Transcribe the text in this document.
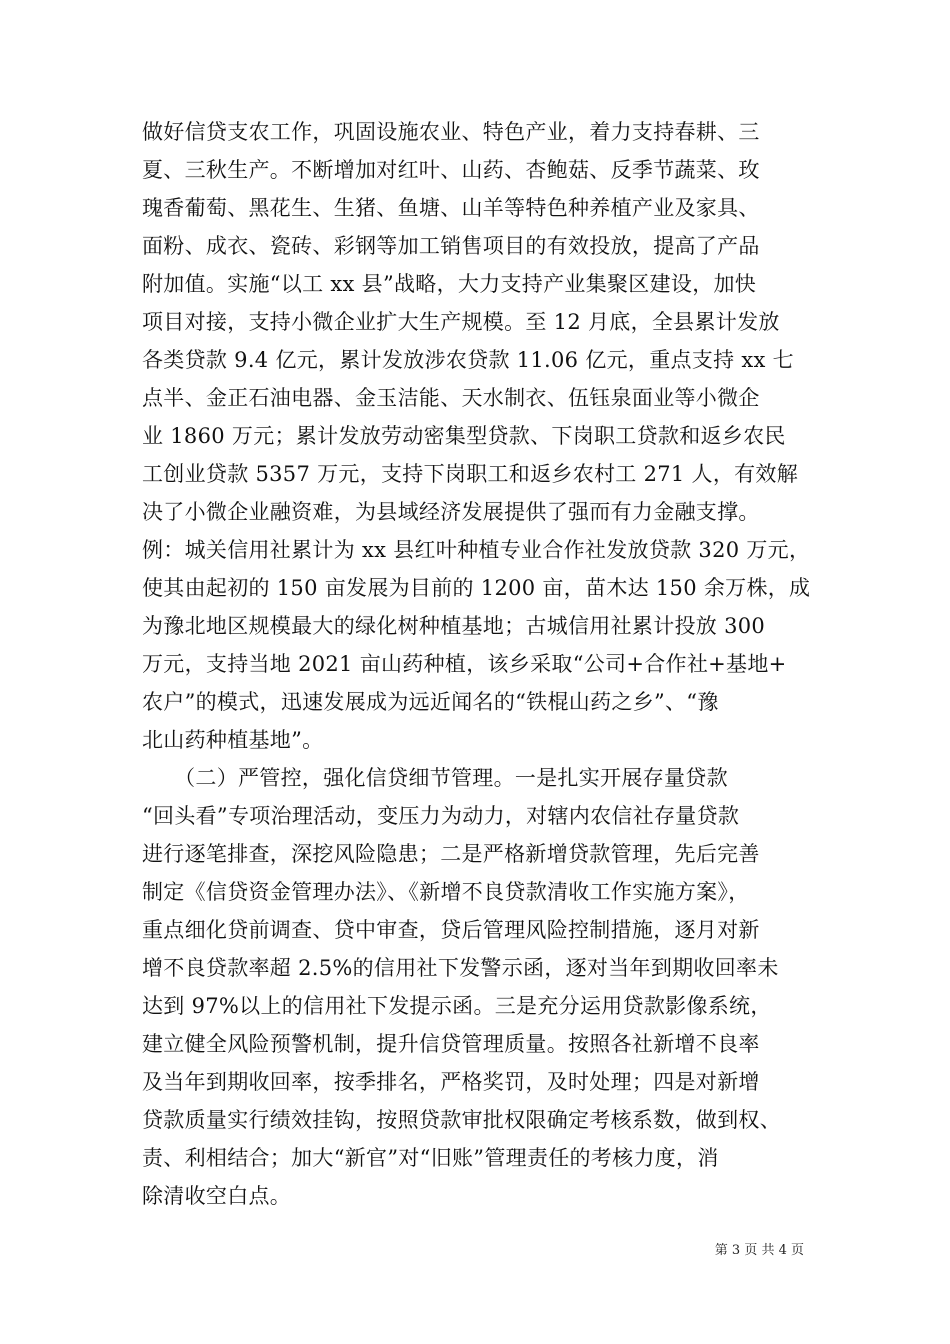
做好信贷支农工作，巩固设施农业、特色产业，着力支持春耕、三
夏、三秋生产。不断增加对红叶、山药、杏鲍菇、反季节蔬菜、玫
瑰香葡萄、黑花生、生猪、鱼塘、山羊等特色种养植产业及家具、
面粉、成衣、瓷砖、彩钢等加工销售项目的有效投放，提高了产品
附加值。实施“以工 xx 县”战略，大力支持产业集聚区建设，加快
项目对接，支持小微企业扩大生产规模。至 12 月底，全县累计发放
各类贷款 9.4 亿元，累计发放涉农贷款 11.06 亿元，重点支持 xx 七
点半、金正石油电器、金玉洁能、天水制衣、伍钰泉面业等小微企
业 1860 万元；累计发放劳动密集型贷款、下岗职工贷款和返乡农民
工创业贷款 5357 万元，支持下岗职工和返乡农村工 271 人，有效解
决了小微企业融资难，为县域经济发展提供了强而有力金融支撑。
例：城关信用社累计为 xx 县红叶种植专业合作社发放贷款 320 万元，
使其由起初的 150 亩发展为目前的 1200 亩，苗木达 150 余万株，成
为豫北地区规模最大的绿化树种植基地；古城信用社累计投放 300
万元，支持当地 2021 亩山药种植，该乡采取“公司+合作社+基地+
农户”的模式，迅速发展成为远近闻名的“铁棍山药之乡”、“豫
北山药种植基地”。
　　（二）严管控，强化信贷细节管理。一是扎实开展存量贷款
“回头看”专项治理活动，变压力为动力，对辖内农信社存量贷款
进行逐笔排查，深挖风险隐患；二是严格新增贷款管理，先后完善
制定《信贷资金管理办法》、《新增不良贷款清收工作实施方案》，
重点细化贷前调查、贷中审查，贷后管理风险控制措施，逐月对新
增不良贷款率超 2.5%的信用社下发警示函，逐对当年到期收回率未
达到 97%以上的信用社下发提示函。三是充分运用贷款影像系统，
建立健全风险预警机制，提升信贷管理质量。按照各社新增不良率
及当年到期收回率，按季排名，严格奖罚，及时处理；四是对新增
贷款质量实行绩效挂钩，按照贷款审批权限确定考核系数，做到权、
责、利相结合；加大“新官”对“旧账”管理责任的考核力度，消
除清收空白点。
第 3 页 共 4 页
